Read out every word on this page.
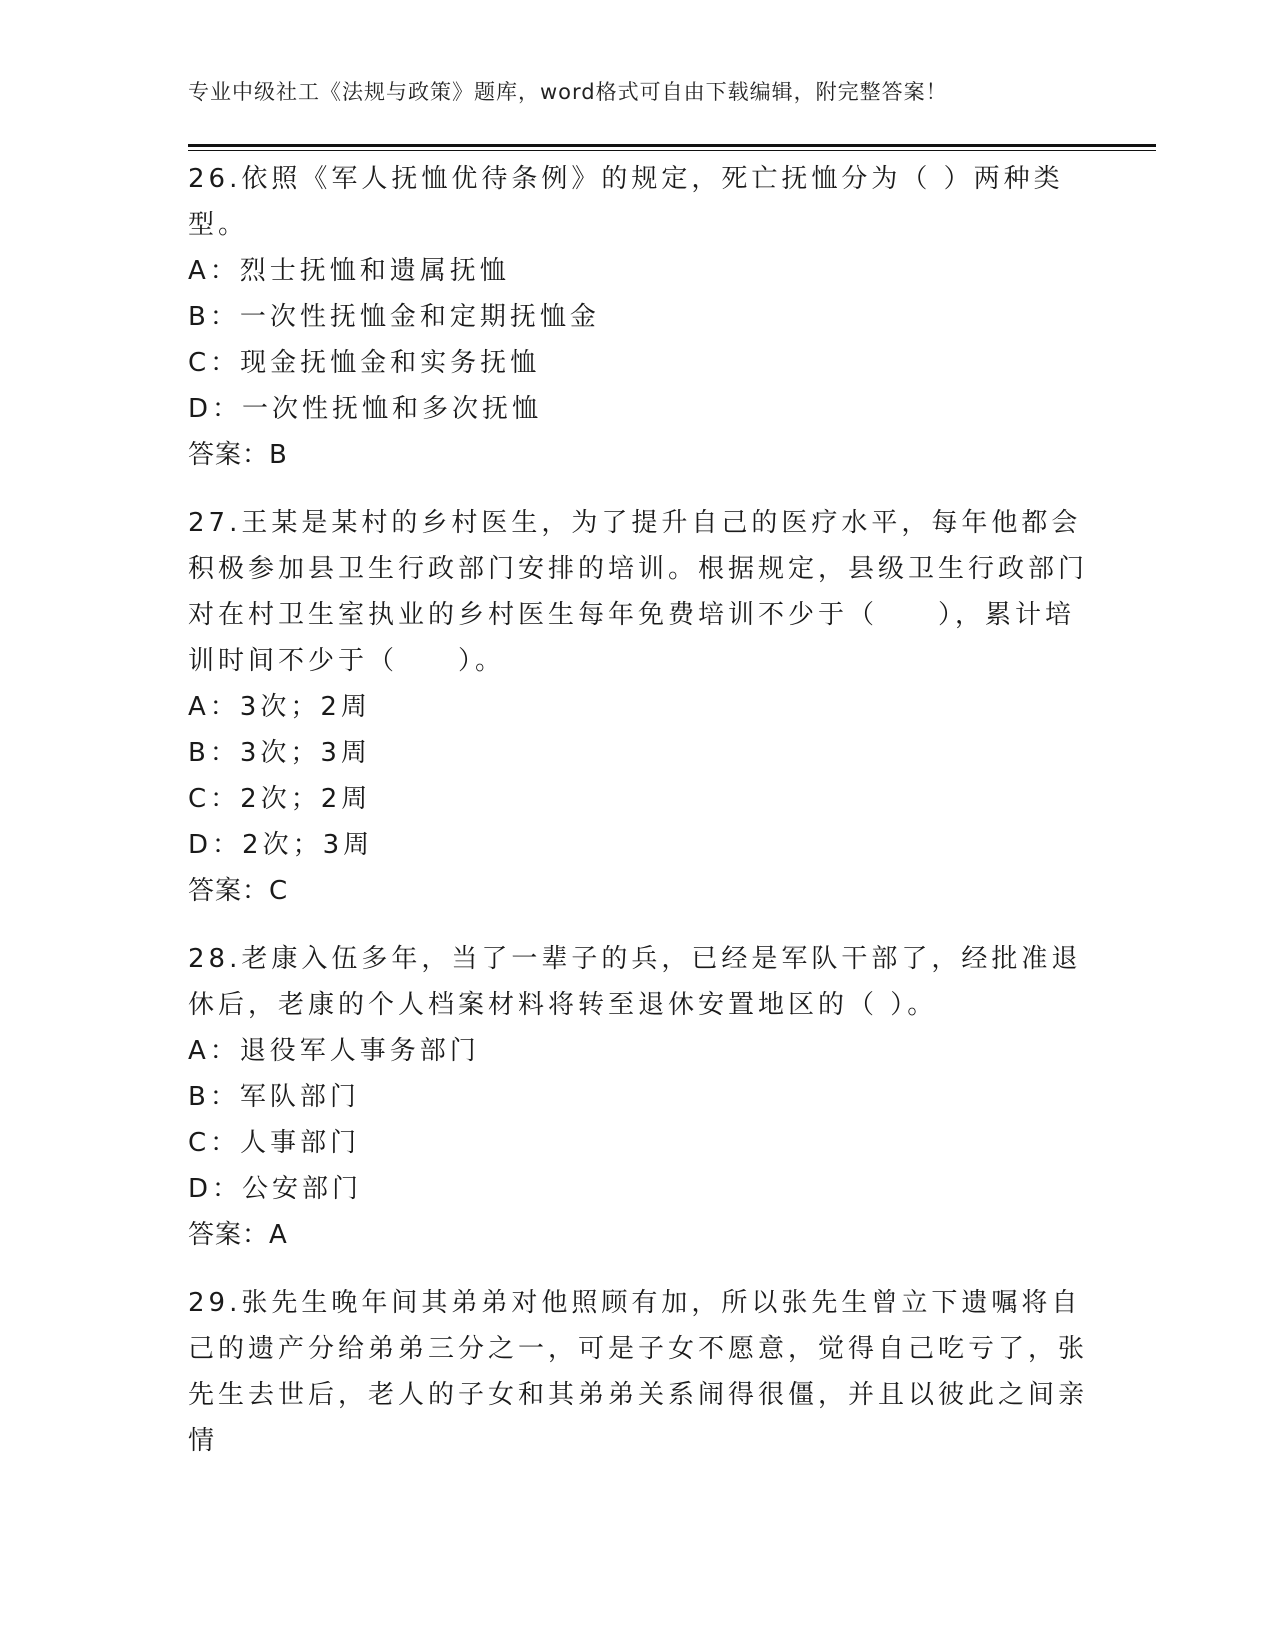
专业中级社工《法规与政策》题库，word格式可自由下载编辑，附完整答案！

26.依照《军人抚恤优待条例》的规定，死亡抚恤分为（ ）两种类型。

A：烈士抚恤和遗属抚恤

B：一次性抚恤金和定期抚恤金

C：现金抚恤金和实务抚恤

D：一次性抚恤和多次抚恤

答案：B

27.王某是某村的乡村医生，为了提升自己的医疗水平，每年他都会积极参加县卫生行政部门安排的培训。根据规定，县级卫生行政部门对在村卫生室执业的乡村医生每年免费培训不少于（　　），累计培训时间不少于（　　）。

A：3次；2周

B：3次；3周

C：2次；2周

D：2次；3周

答案：C

28.老康入伍多年，当了一辈子的兵，已经是军队干部了，经批准退休后，老康的个人档案材料将转至退休安置地区的（ ）。

A：退役军人事务部门

B：军队部门

C：人事部门

D：公安部门

答案：A

29.张先生晚年间其弟弟对他照顾有加，所以张先生曾立下遗嘱将自己的遗产分给弟弟三分之一，可是子女不愿意，觉得自己吃亏了，张先生去世后，老人的子女和其弟弟关系闹得很僵，并且以彼此之间亲情
